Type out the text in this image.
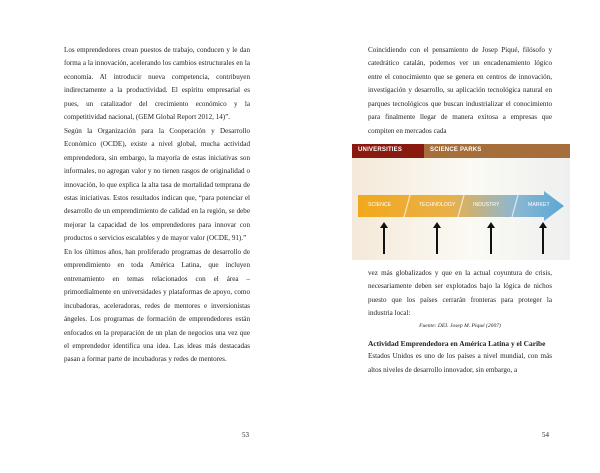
Los emprendedores crean puestos de trabajo, conducen y le dan forma a la innovación, acelerando los cambios estructurales en la economía. Al introducir nueva competencia, contribuyen indirectamente a la productividad. El espíritu empresarial es pues, un catalizador del crecimiento económico y la competitividad nacional, (GEM Global Report 2012, 14)”.

Según la Organización para la Cooperación y Desarrollo Económico (OCDE), existe a nivel global, mucha actividad emprendedora, sin embargo, la mayoría de estas iniciativas son informales, no agregan valor y no tienen rasgos de originalidad o innovación, lo que explica la alta tasa de mortalidad temprana de estas iniciativas. Estos resultados indican que, “para potenciar el desarrollo de un emprendimiento de calidad en la región, se debe mejorar la capacidad de los emprendedores para innovar con productos o servicios escalables y de mayor valor (OCDE, 91).”

En los últimos años, han proliferado programas de desarrollo de emprendimiento en toda América Latina, que incluyen entrenamiento en temas relacionados con el área –primordialmente en universidades y plataformas de apoyo, como incubadoras, aceleradoras, redes de mentores e inversionistas ángeles. Los programas de formación de emprendedores están enfocados en la preparación de un plan de negocios una vez que el emprendedor identifica una idea. Las ideas más destacadas pasan a formar parte de incubadoras y redes de mentores.

53

Coincidiendo con el pensamiento de Josep Piqué, filósofo y catedrático catalán, podemos ver un encadenamiento lógico entre el conocimiento que se genera en centros de innovación, investigación y desarrollo, su aplicación tecnológica natural en parques tecnológicos que buscan industrializar el conocimiento para finalmente llegar de manera exitosa a empresas que compiten en mercados cada

UNIVERSITIES	SCIENCE PARKS
SCIENCE	TECHNOLOGY	INDUSTRY	MARKET

vez más globalizados y que en la actual coyuntura de crisis, necesariamente deben ser explotados bajo la lógica de nichos puesto que los países cerrarán fronteras para proteger la industria local:

Fuente: DEI. Josep M. Piqué (2007)

Actividad Emprendedora en América Latina y el Caribe

Estados Unidos es uno de los países a nivel mundial, con más altos niveles de desarrollo innovador, sin embargo, a

54
